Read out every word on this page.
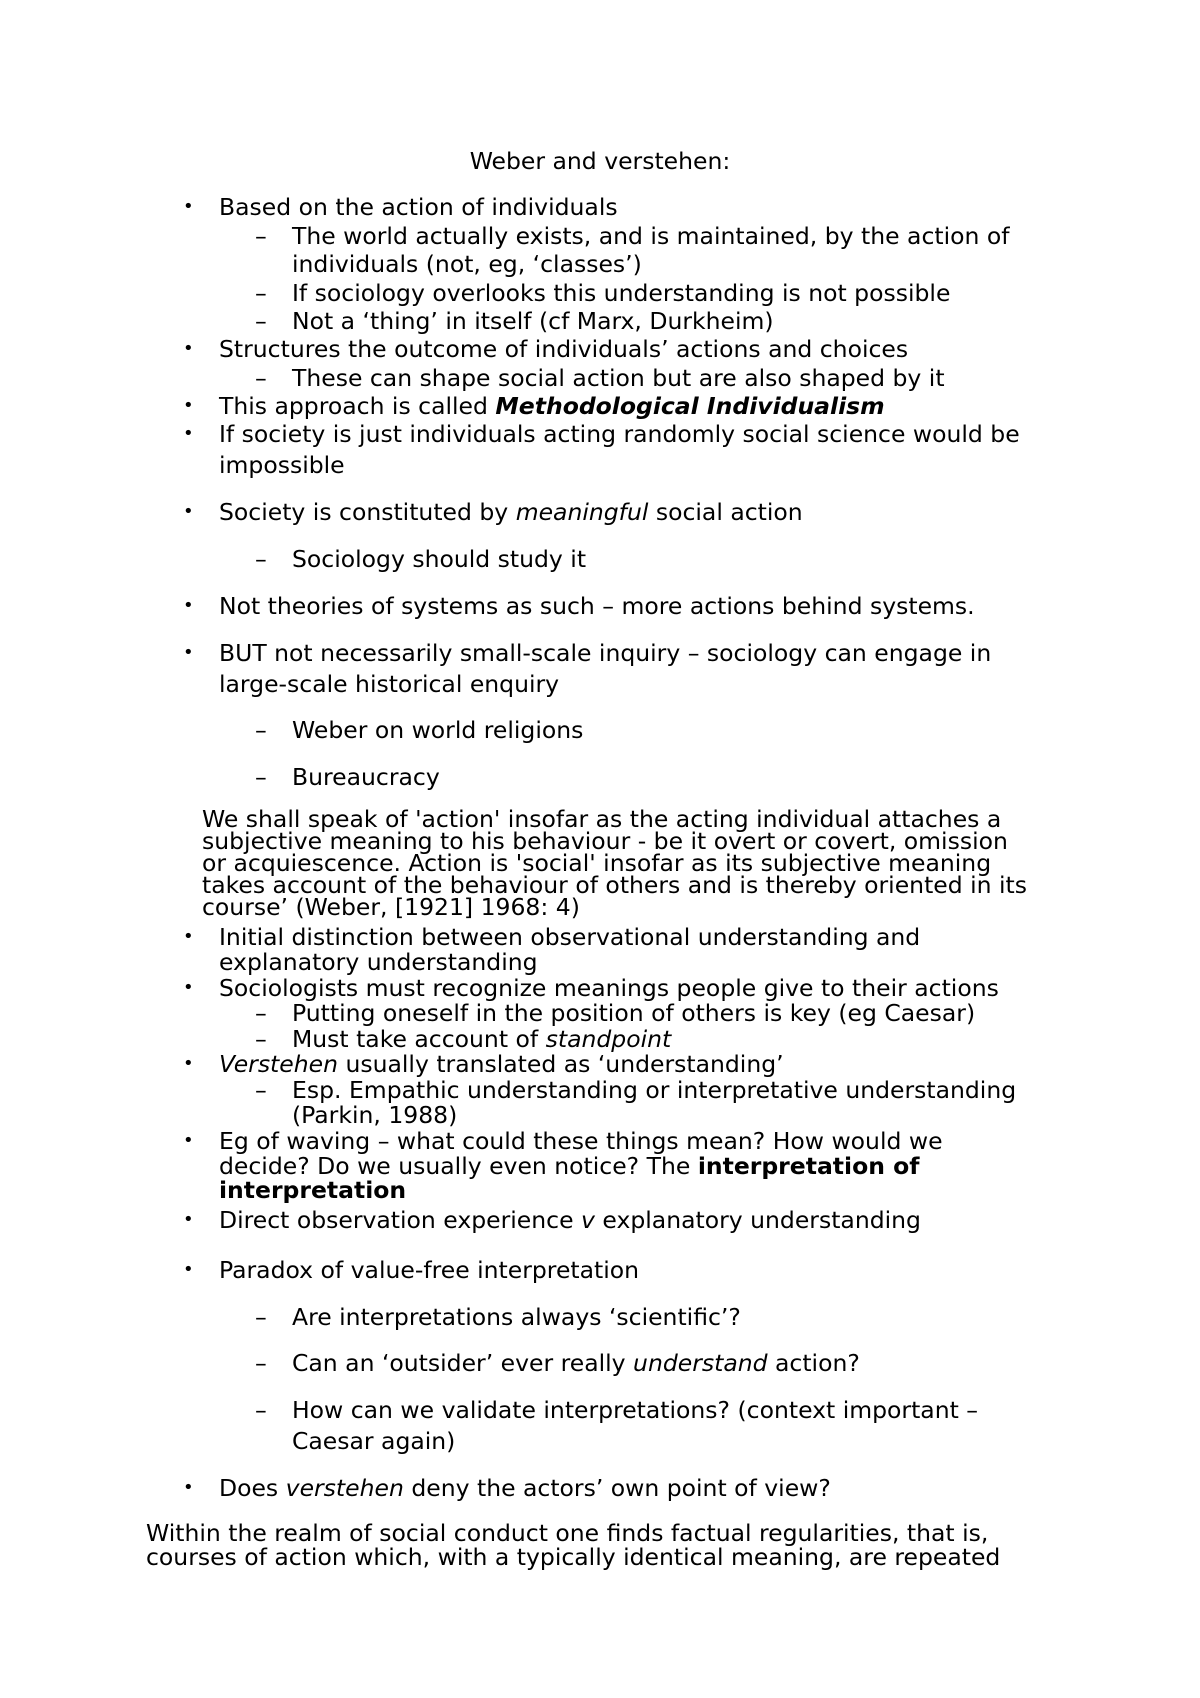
Weber and verstehen:
• Based on the action of individuals
– The world actually exists, and is maintained, by the action of
individuals (not, eg, ‘classes’)
– If sociology overlooks this understanding is not possible
– Not a ‘thing’ in itself (cf Marx, Durkheim)
• Structures the outcome of individuals’ actions and choices
– These can shape social action but are also shaped by it
• This approach is called Methodological Individualism
• If society is just individuals acting randomly social science would be
impossible
• Society is constituted by meaningful social action
– Sociology should study it
• Not theories of systems as such – more actions behind systems.
• BUT not necessarily small-scale inquiry – sociology can engage in
large-scale historical enquiry
– Weber on world religions
– Bureaucracy
We shall speak of 'action' insofar as the acting individual attaches a
subjective meaning to his behaviour - be it overt or covert, omission
or acquiescence. Action is 'social' insofar as its subjective meaning
takes account of the behaviour of others and is thereby oriented in its
course’ (Weber, [1921] 1968: 4)
• Initial distinction between observational understanding and
explanatory understanding
• Sociologists must recognize meanings people give to their actions
– Putting oneself in the position of others is key (eg Caesar)
– Must take account of standpoint
• Verstehen usually translated as ‘understanding’
– Esp. Empathic understanding or interpretative understanding
(Parkin, 1988)
• Eg of waving – what could these things mean? How would we
decide? Do we usually even notice? The interpretation of
interpretation
• Direct observation experience v explanatory understanding
• Paradox of value-free interpretation
– Are interpretations always ‘scientific’?
– Can an ‘outsider’ ever really understand action?
– How can we validate interpretations? (context important –
Caesar again)
• Does verstehen deny the actors’ own point of view?
Within the realm of social conduct one finds factual regularities, that is,
courses of action which, with a typically identical meaning, are repeated
